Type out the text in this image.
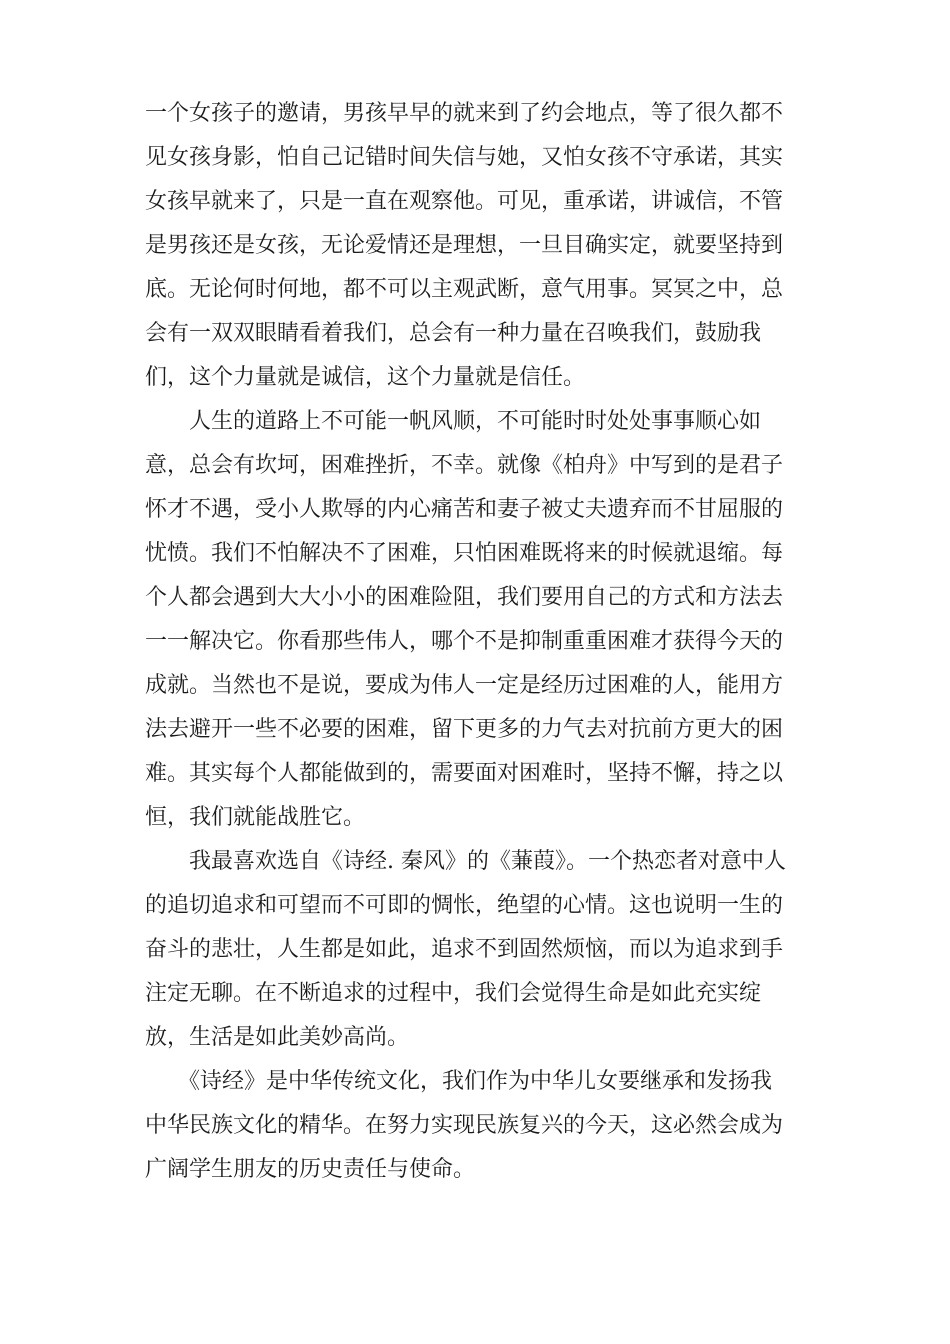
一个女孩子的邀请，男孩早早的就来到了约会地点，等了很久都不
见女孩身影，怕自己记错时间失信与她，又怕女孩不守承诺，其实
女孩早就来了，只是一直在观察他。可见，重承诺，讲诚信，不管
是男孩还是女孩，无论爱情还是理想，一旦目确实定，就要坚持到
底。无论何时何地，都不可以主观武断，意气用事。冥冥之中，总
会有一双双眼睛看着我们，总会有一种力量在召唤我们，鼓励我
们，这个力量就是诚信，这个力量就是信任。
　　人生的道路上不可能一帆风顺，不可能时时处处事事顺心如
意，总会有坎坷，困难挫折，不幸。就像《柏舟》中写到的是君子
怀才不遇，受小人欺辱的内心痛苦和妻子被丈夫遗弃而不甘屈服的
忧愤。我们不怕解决不了困难，只怕困难既将来的时候就退缩。每
个人都会遇到大大小小的困难险阻，我们要用自己的方式和方法去
一一解决它。你看那些伟人，哪个不是抑制重重困难才获得今天的
成就。当然也不是说，要成为伟人一定是经历过困难的人，能用方
法去避开一些不必要的困难，留下更多的力气去对抗前方更大的困
难。其实每个人都能做到的，需要面对困难时，坚持不懈，持之以
恒，我们就能战胜它。
　　我最喜欢选自《诗经. 秦风》的《蒹葭》。一个热恋者对意中人
的追切追求和可望而不可即的惆怅，绝望的心情。这也说明一生的
奋斗的悲壮，人生都是如此，追求不到固然烦恼，而以为追求到手
注定无聊。在不断追求的过程中，我们会觉得生命是如此充实绽
放，生活是如此美妙高尚。
　　《诗经》是中华传统文化，我们作为中华儿女要继承和发扬我
中华民族文化的精华。在努力实现民族复兴的今天，这必然会成为
广阔学生朋友的历史责任与使命。
